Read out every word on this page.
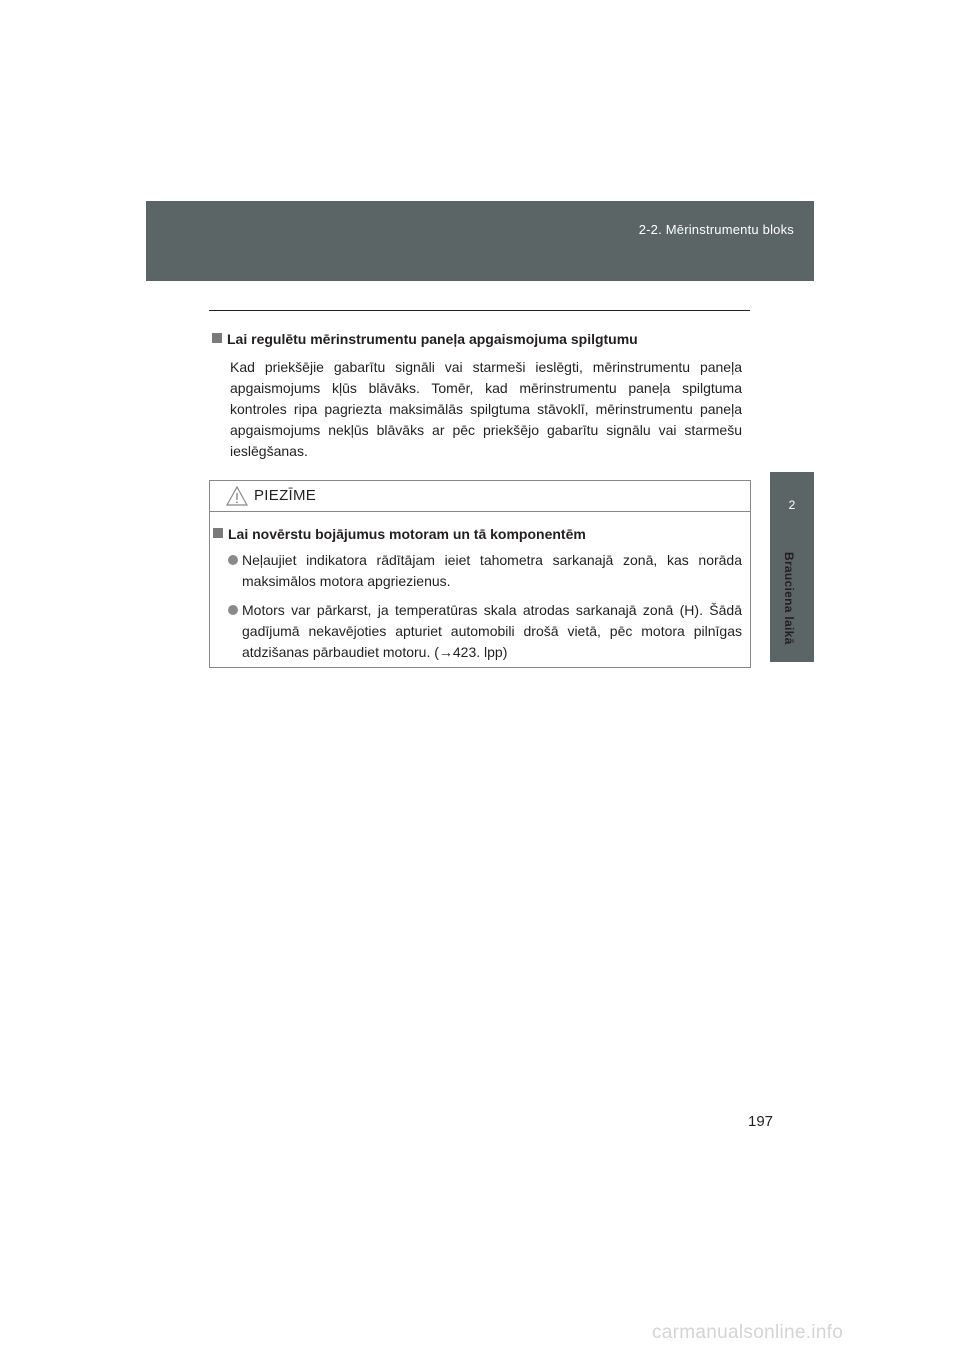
2-2. Mērinstrumentu bloks
2
Brauciena laikā
Lai regulētu mērinstrumentu paneļa apgaismojuma spilgtumu
Kad priekšējie gabarītu signāli vai starmeši ieslēgti, mērinstrumentu paneļa apgaismojums kļūs blāvāks. Tomēr, kad mērinstrumentu paneļa spilgtuma kontroles ripa pagriezta maksimālās spilgtuma stāvoklī, mērinstrumentu paneļa apgaismojums nekļūs blāvāks ar pēc priekšējo gabarītu signālu vai starmešu ieslēgšanas.
PIEZĪME
Lai novērstu bojājumus motoram un tā komponentēm
Neļaujiet indikatora rādītājam ieiet tahometra sarkanajā zonā, kas norāda maksimālos motora apgriezienus.
Motors var pārkarst, ja temperatūras skala atrodas sarkanajā zonā (H). Šādā gadījumā nekavējoties apturiet automobili drošā vietā, pēc motora pilnīgas atdzišanas pārbaudiet motoru. (→423. lpp)
197
carmanualsonline.info
